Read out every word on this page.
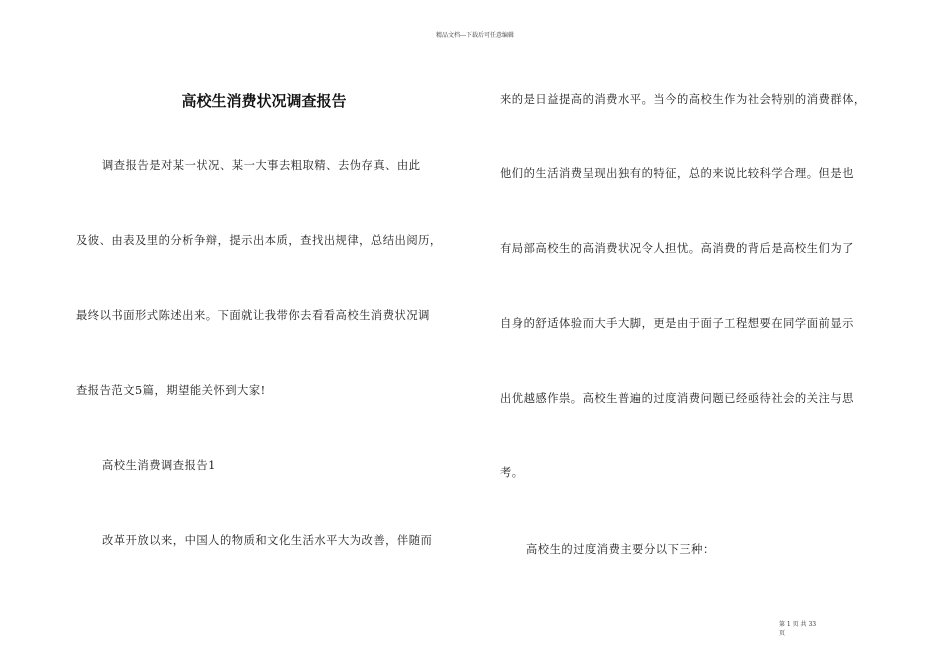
精品文档---下载后可任意编辑
高校生消费状况调查报告
调查报告是对某一状况、某一大事去粗取精、去伪存真、由此
及彼、由表及里的分析争辩，提示出本质，查找出规律，总结出阅历，
最终以书面形式陈述出来。下面就让我带你去看看高校生消费状况调
查报告范文5篇，期望能关怀到大家!
高校生消费调查报告1
改革开放以来，中国人的物质和文化生活水平大为改善，伴随而
来的是日益提高的消费水平。当今的高校生作为社会特别的消费群体，
他们的生活消费呈现出独有的特征，总的来说比较科学合理。但是也
有局部高校生的高消费状况令人担忧。高消费的背后是高校生们为了
自身的舒适体验而大手大脚，更是由于面子工程想要在同学面前显示
出优越感作祟。高校生普遍的过度消费问题已经亟待社会的关注与思
考。
高校生的过度消费主要分以下三种：
第 1 页 共 33
页
